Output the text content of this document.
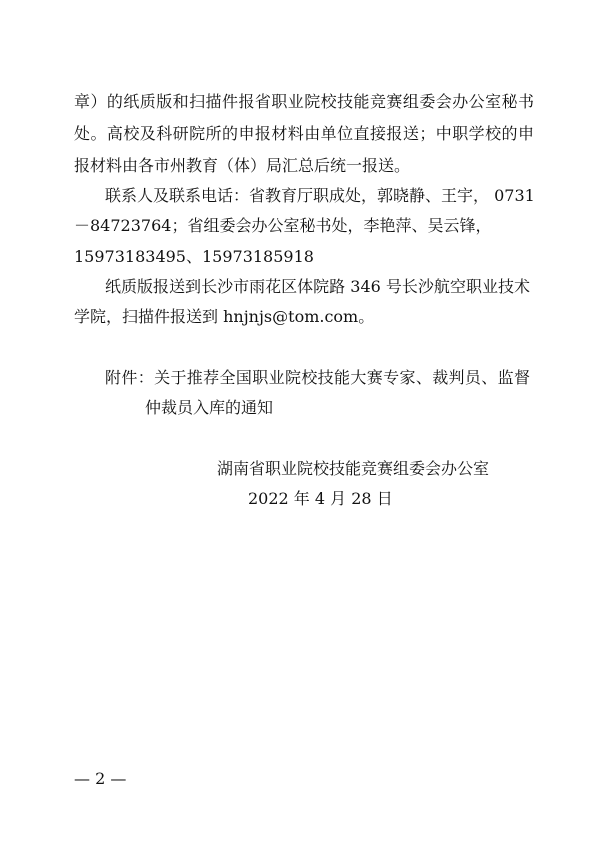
章）的纸质版和扫描件报省职业院校技能竞赛组委会办公室秘书
处。高校及科研院所的申报材料由单位直接报送；中职学校的申
报材料由各市州教育（体）局汇总后统一报送。
联系人及联系电话：省教育厅职成处，郭晓静、王宇， 0731
－84723764；省组委会办公室秘书处，李艳萍、吴云锋，
15973183495、15973185918
纸质版报送到长沙市雨花区体院路 346 号长沙航空职业技术
学院，扫描件报送到 hnjnjs@tom.com。
附件：关于推荐全国职业院校技能大赛专家、裁判员、监督
仲裁员入库的通知
湖南省职业院校技能竞赛组委会办公室
2022 年 4 月 28 日
— 2 —
